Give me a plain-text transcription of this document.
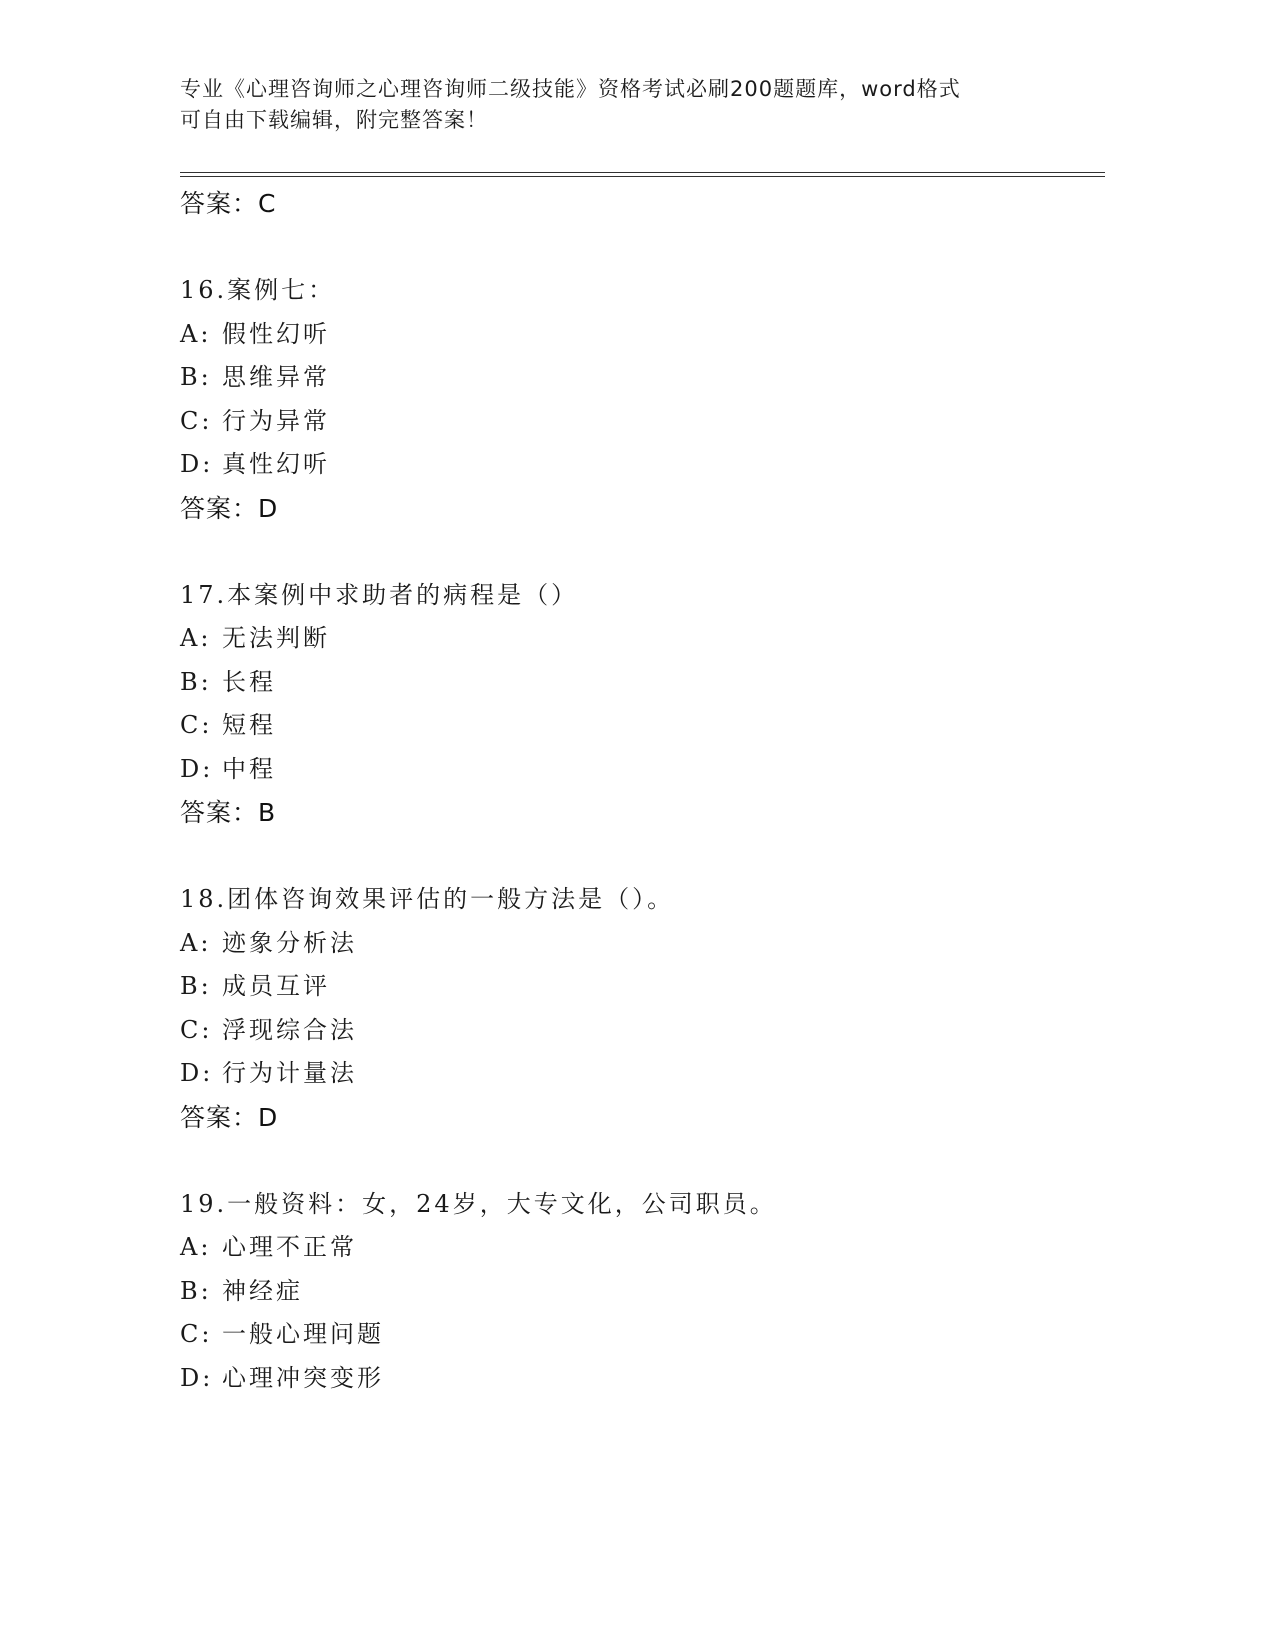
专业《心理咨询师之心理咨询师二级技能》资格考试必刷200题题库，word格式
可自由下载编辑，附完整答案！
答案：C
16.案例七：
A: 假性幻听
B: 思维异常
C: 行为异常
D: 真性幻听
答案：D
17.本案例中求助者的病程是（）
A: 无法判断
B: 长程
C: 短程
D: 中程
答案：B
18.团体咨询效果评估的一般方法是（）。
A: 迹象分析法
B: 成员互评
C: 浮现综合法
D: 行为计量法
答案：D
19.一般资料：女，24岁，大专文化，公司职员。
A: 心理不正常
B: 神经症
C: 一般心理问题
D: 心理冲突变形
